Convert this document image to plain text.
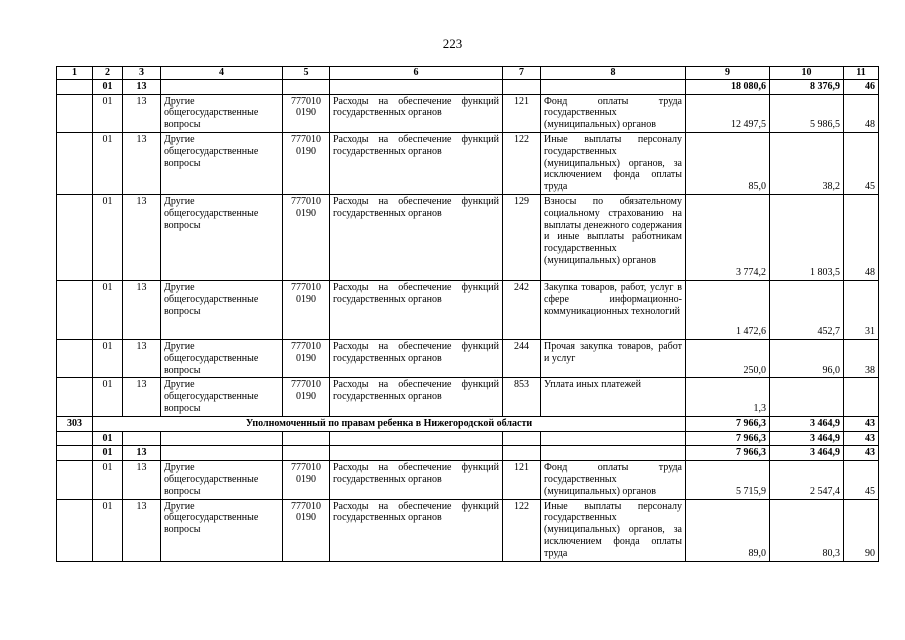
223
1	2	3	4	5	6	7	8	9	10	11
	01	13						18 080,6	8 376,9	46
	01	13	Другие общегосударственные вопросы	777010 0190	Расходы на обеспечение функций государственных органов	121	Фонд оплаты труда государственных (муниципальных) органов	12 497,5	5 986,5	48
	01	13	Другие общегосударственные вопросы	777010 0190	Расходы на обеспечение функций государственных органов	122	Иные выплаты персоналу государственных (муниципальных) органов, за исключением фонда оплаты труда	85,0	38,2	45
	01	13	Другие общегосударственные вопросы	777010 0190	Расходы на обеспечение функций государственных органов	129	Взносы по обязательному социальному страхованию на выплаты денежного содержания и иные выплаты работникам государственных (муниципальных) органов	3 774,2	1 803,5	48
	01	13	Другие общегосударственные вопросы	777010 0190	Расходы на обеспечение функций государственных органов	242	Закупка товаров, работ, услуг в сфере информационно-коммуникационных технологий	1 472,6	452,7	31
	01	13	Другие общегосударственные вопросы	777010 0190	Расходы на обеспечение функций государственных органов	244	Прочая закупка товаров, работ и услуг	250,0	96,0	38
	01	13	Другие общегосударственные вопросы	777010 0190	Расходы на обеспечение функций государственных органов	853	Уплата иных платежей	1,3		
303	Уполномоченный по правам ребенка в Нижегородской области							7 966,3	3 464,9	43
	01							7 966,3	3 464,9	43
	01	13						7 966,3	3 464,9	43
	01	13	Другие общегосударственные вопросы	777010 0190	Расходы на обеспечение функций государственных органов	121	Фонд оплаты труда государственных (муниципальных) органов	5 715,9	2 547,4	45
	01	13	Другие общегосударственные вопросы	777010 0190	Расходы на обеспечение функций государственных органов	122	Иные выплаты персоналу государственных (муниципальных) органов, за исключением фонда оплаты труда	89,0	80,3	90
